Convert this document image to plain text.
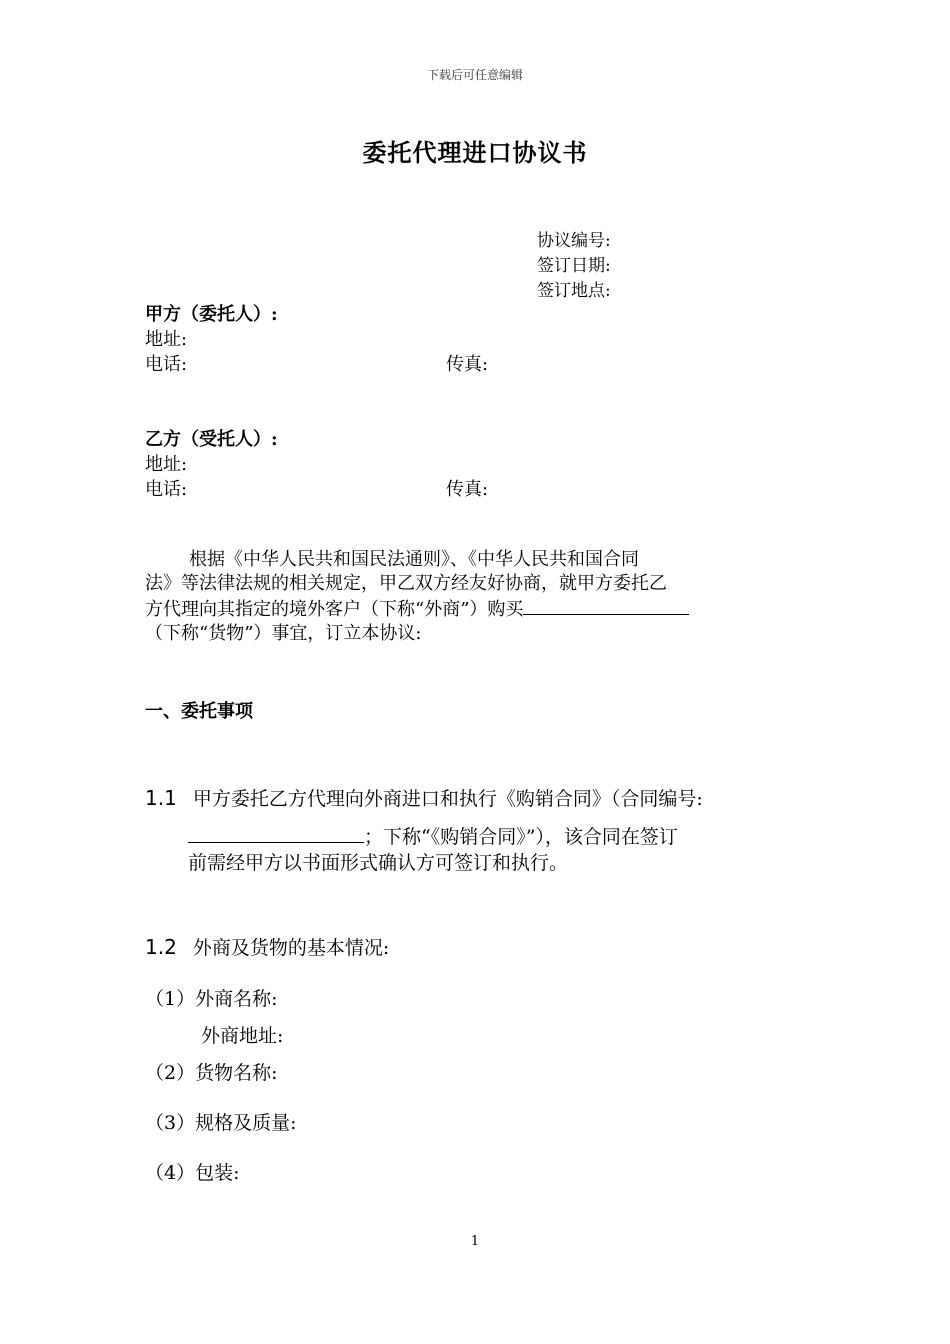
下载后可任意编辑
委托代理进口协议书
协议编号:
签订日期:
签订地点:
甲方（委托人）:
地址:
电话:	传真:
乙方（受托人）:
地址:
电话:	传真:
根据《中华人民共和国民法通则》、《中华人民共和国合同
法》等法律法规的相关规定，甲乙双方经友好协商，就甲方委托乙
方代理向其指定的境外客户（下称“外商”）购买
（下称“货物”）事宜，订立本协议:
一、委托事项
1.1 甲方委托乙方代理向外商进口和执行《购销合同》（合同编号:
；下称“《购销合同》”），该合同在签订
前需经甲方以书面形式确认方可签订和执行。
1.2 外商及货物的基本情况:
（1）外商名称:
外商地址:
（2）货物名称:
（3）规格及质量:
（4）包装:
1
